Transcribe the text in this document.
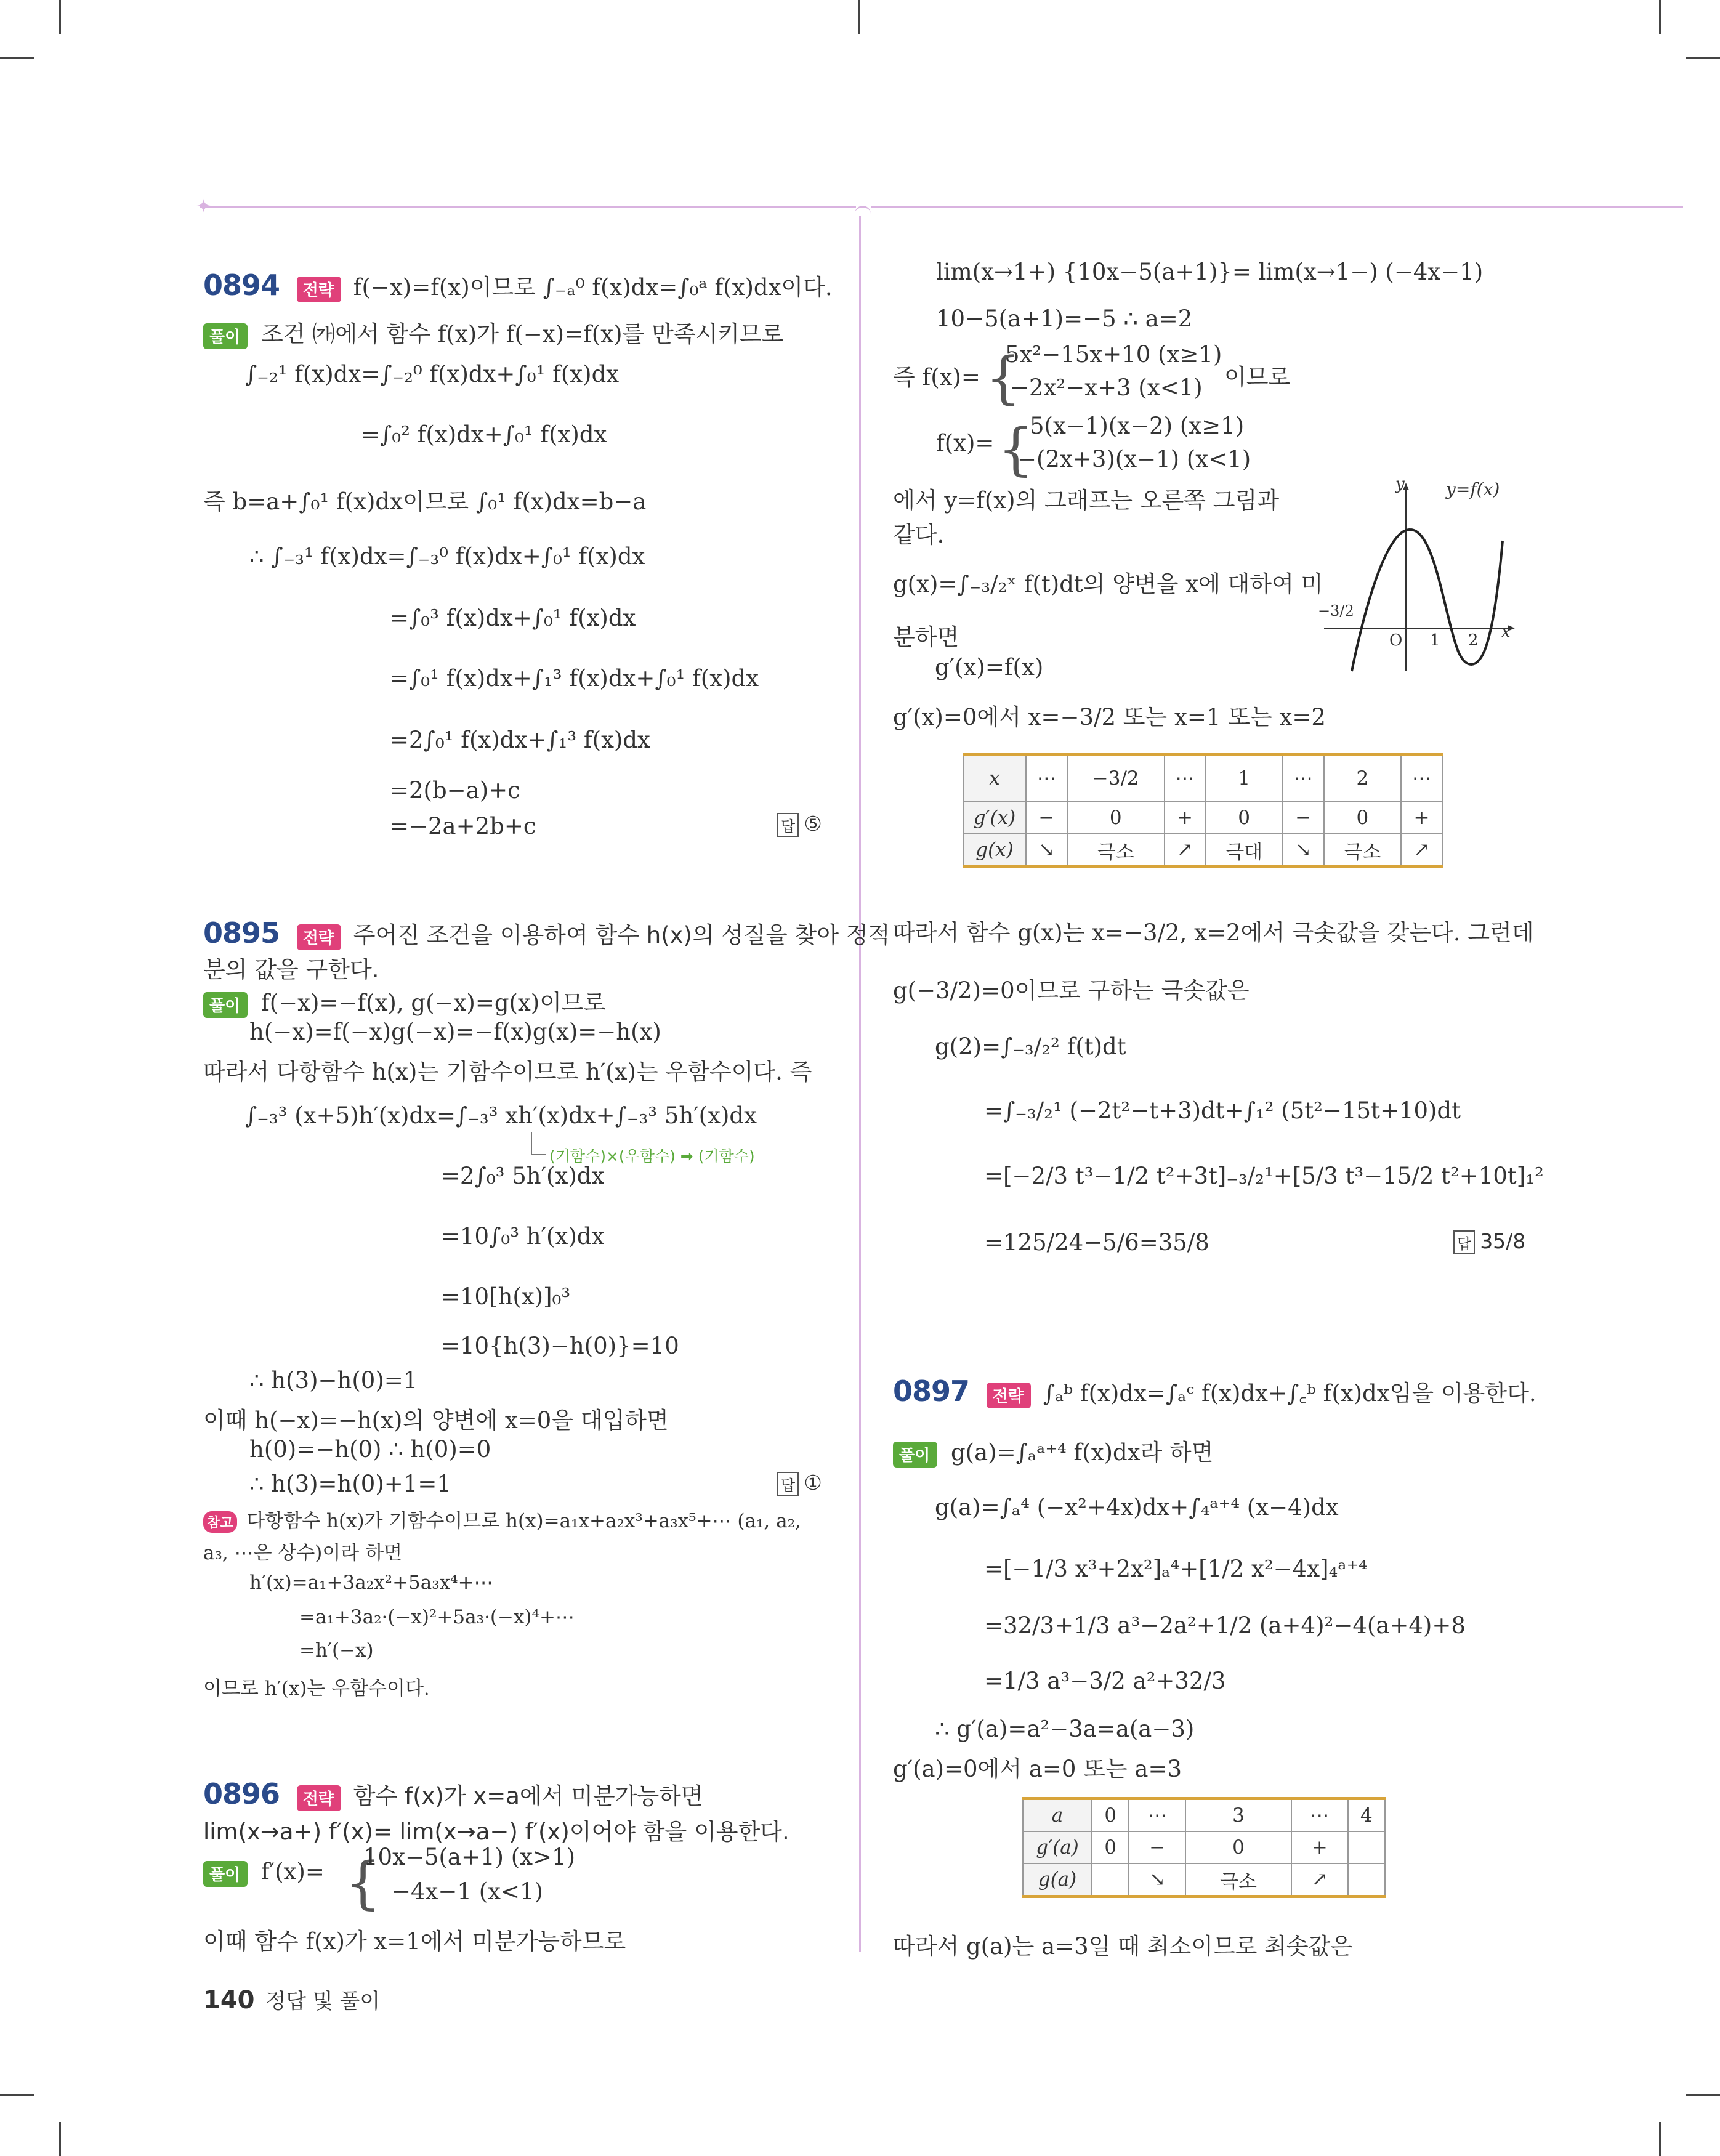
✦
0894 전략 f(−x)=f(x)이므로 ∫₋ₐ⁰ f(x)dx=∫₀ᵃ f(x)dx이다.
풀이 조건 ㈎에서 함수 f(x)가 f(−x)=f(x)를 만족시키므로
∫₋₂¹ f(x)dx=∫₋₂⁰ f(x)dx+∫₀¹ f(x)dx
=∫₀² f(x)dx+∫₀¹ f(x)dx
즉 b=a+∫₀¹ f(x)dx이므로 ∫₀¹ f(x)dx=b−a
∴ ∫₋₃¹ f(x)dx=∫₋₃⁰ f(x)dx+∫₀¹ f(x)dx
=∫₀³ f(x)dx+∫₀¹ f(x)dx
=∫₀¹ f(x)dx+∫₁³ f(x)dx+∫₀¹ f(x)dx
=2∫₀¹ f(x)dx+∫₁³ f(x)dx
=2(b−a)+c
=−2a+2b+c	답 ⑤
0895 전략 주어진 조건을 이용하여 함수 h(x)의 성질을 찾아 정적
분의 값을 구한다.
풀이 f(−x)=−f(x), g(−x)=g(x)이므로
h(−x)=f(−x)g(−x)=−f(x)g(x)=−h(x)
따라서 다항함수 h(x)는 기함수이므로 h′(x)는 우함수이다. 즉
∫₋₃³ (x+5)h′(x)dx=∫₋₃³ xh′(x)dx+∫₋₃³ 5h′(x)dx
(기함수)×(우함수) ➡ (기함수)
=2∫₀³ 5h′(x)dx
=10∫₀³ h′(x)dx
=10[h(x)]₀³
=10{h(3)−h(0)}=10
∴ h(3)−h(0)=1
이때 h(−x)=−h(x)의 양변에 x=0을 대입하면
h(0)=−h(0) ∴ h(0)=0
∴ h(3)=h(0)+1=1	답 ①
참고 다항함수 h(x)가 기함수이므로 h(x)=a₁x+a₂x³+a₃x⁵+⋯ (a₁, a₂,
a₃, ⋯은 상수)이라 하면
h′(x)=a₁+3a₂x²+5a₃x⁴+⋯
=a₁+3a₂·(−x)²+5a₃·(−x)⁴+⋯
=h′(−x)
이므로 h′(x)는 우함수이다.
0896 전략 함수 f(x)가 x=a에서 미분가능하면
lim(x→a+) f′(x)= lim(x→a−) f′(x)이어야 함을 이용한다.
풀이 f′(x)= {
10x−5(a+1) (x>1)
−4x−1 (x<1)
이때 함수 f(x)가 x=1에서 미분가능하므로
lim(x→1+) {10x−5(a+1)}= lim(x→1−) (−4x−1)
10−5(a+1)=−5 ∴ a=2
즉 f(x)= {
5x²−15x+10 (x≥1)
−2x²−x+3 (x<1) 이므로
f(x)= {
5(x−1)(x−2) (x≥1)
−(2x+3)(x−1) (x<1)
에서 y=f(x)의 그래프는 오른쪽 그림과
같다.
g(x)=∫₋₃/₂ˣ f(t)dt의 양변을 x에 대하여 미
분하면
g′(x)=f(x)
g′(x)=0에서 x=−3/2 또는 x=1 또는 x=2
y y=f(x)
x
O 1 2
−3/2
x	⋯	−3/2	⋯	1	⋯	2	⋯
g′(x)	−	0	+	0	−	0	+
g(x)	↘	극소	↗	극대	↘	극소	↗
따라서 함수 g(x)는 x=−3/2, x=2에서 극솟값을 갖는다. 그런데
g(−3/2)=0이므로 구하는 극솟값은
g(2)=∫₋₃/₂² f(t)dt
=∫₋₃/₂¹ (−2t²−t+3)dt+∫₁² (5t²−15t+10)dt
=[−2/3 t³−1/2 t²+3t]₋₃/₂¹+[5/3 t³−15/2 t²+10t]₁²
=125/24−5/6=35/8	답 35/8
0897 전략 ∫ₐᵇ f(x)dx=∫ₐᶜ f(x)dx+∫꜀ᵇ f(x)dx임을 이용한다.
풀이 g(a)=∫ₐᵃ⁺⁴ f(x)dx라 하면
g(a)=∫ₐ⁴ (−x²+4x)dx+∫₄ᵃ⁺⁴ (x−4)dx
=[−1/3 x³+2x²]ₐ⁴+[1/2 x²−4x]₄ᵃ⁺⁴
=32/3+1/3 a³−2a²+1/2 (a+4)²−4(a+4)+8
=1/3 a³−3/2 a²+32/3
∴ g′(a)=a²−3a=a(a−3)
g′(a)=0에서 a=0 또는 a=3
a	0	⋯	3	⋯	4
g′(a)	0	−	0	+	
g(a)		↘	극소	↗	
따라서 g(a)는 a=3일 때 최소이므로 최솟값은
140 정답 및 풀이
